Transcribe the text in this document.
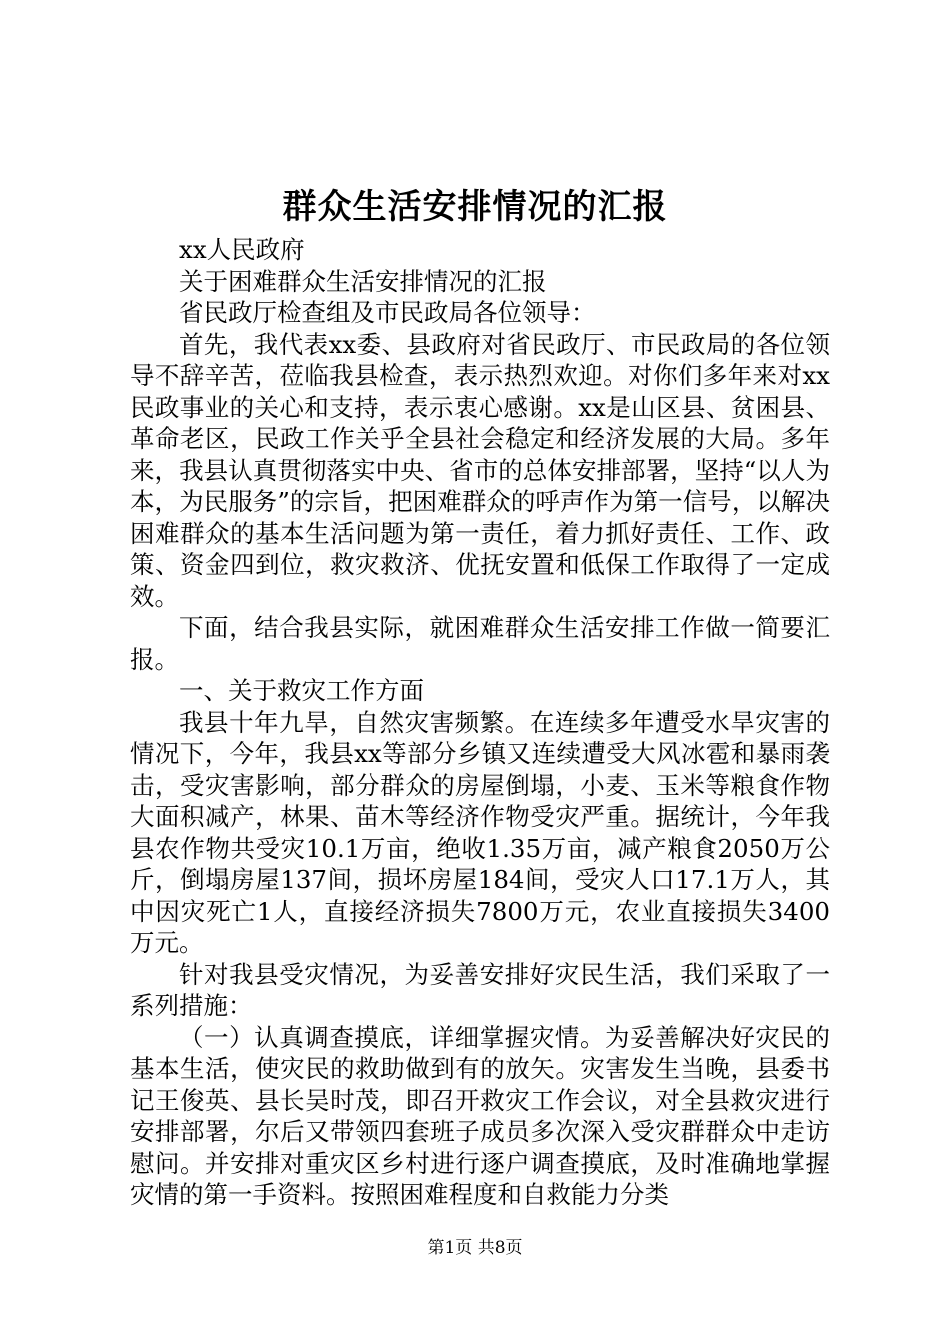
群众生活安排情况的汇报

xx人民政府

关于困难群众生活安排情况的汇报

省民政厅检查组及市民政局各位领导：

首先，我代表xx委、县政府对省民政厅、市民政局的各位领导不辞辛苦，莅临我县检查，表示热烈欢迎。对你们多年来对xx民政事业的关心和支持，表示衷心感谢。xx是山区县、贫困县、革命老区，民政工作关乎全县社会稳定和经济发展的大局。多年来，我县认真贯彻落实中央、省市的总体安排部署，坚持“以人为本，为民服务”的宗旨，把困难群众的呼声作为第一信号，以解决困难群众的基本生活问题为第一责任，着力抓好责任、工作、政策、资金四到位，救灾救济、优抚安置和低保工作取得了一定成效。

下面，结合我县实际，就困难群众生活安排工作做一简要汇报。

一、关于救灾工作方面

我县十年九旱，自然灾害频繁。在连续多年遭受水旱灾害的情况下，今年，我县xx等部分乡镇又连续遭受大风冰雹和暴雨袭击，受灾害影响，部分群众的房屋倒塌，小麦、玉米等粮食作物大面积减产，林果、苗木等经济作物受灾严重。据统计，今年我县农作物共受灾10.1万亩，绝收1.35万亩，减产粮食2050万公斤，倒塌房屋137间，损坏房屋184间，受灾人口17.1万人，其中因灾死亡1人，直接经济损失7800万元，农业直接损失3400万元。

针对我县受灾情况，为妥善安排好灾民生活，我们采取了一系列措施：

（一）认真调查摸底，详细掌握灾情。为妥善解决好灾民的基本生活，使灾民的救助做到有的放矢。灾害发生当晚，县委书记王俊英、县长吴时茂，即召开救灾工作会议，对全县救灾进行安排部署，尔后又带领四套班子成员多次深入受灾群群众中走访慰问。并安排对重灾区乡村进行逐户调查摸底，及时准确地掌握灾情的第一手资料。按照困难程度和自救能力分类

第1页 共8页
